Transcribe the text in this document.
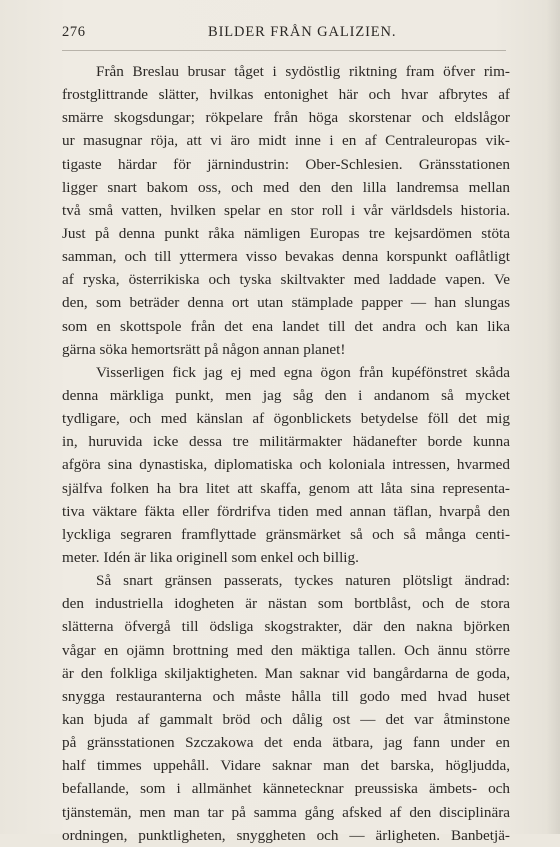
276	BILDER FRÅN GALIZIEN.
Från Breslau brusar tåget i sydöstlig riktning fram öfver rim-
frostglittrande slätter, hvilkas entonighet här och hvar afbrytes af
smärre skogsdungar; rökpelare från höga skorstenar och eldslågor
ur masugnar röja, att vi äro midt inne i en af Centraleuropas vik-
tigaste härdar för järnindustrin: Ober-Schlesien. Gränsstationen
ligger snart bakom oss, och med den den lilla landremsa mellan
två små vatten, hvilken spelar en stor roll i vår världsdels historia.
Just på denna punkt råka nämligen Europas tre kejsardömen stöta
samman, och till yttermera visso bevakas denna korspunkt oaflåtligt
af ryska, österrikiska och tyska skiltvakter med laddade vapen. Ve
den, som beträder denna ort utan stämplade papper — han slungas
som en skottspole från det ena landet till det andra och kan lika
gärna söka hemortsrätt på någon annan planet!
Visserligen fick jag ej med egna ögon från kupéfönstret skåda
denna märkliga punkt, men jag såg den i andanom så mycket
tydligare, och med känslan af ögonblickets betydelse föll det mig
in, huruvida icke dessa tre militärmakter hädanefter borde kunna
afgöra sina dynastiska, diplomatiska och koloniala intressen, hvarmed
själfva folken ha bra litet att skaffa, genom att låta sina representa-
tiva väktare fäkta eller fördrifva tiden med annan täflan, hvarpå den
lyckliga segraren framflyttade gränsmärket så och så många centi-
meter. Idén är lika originell som enkel och billig.
Så snart gränsen passerats, tyckes naturen plötsligt ändrad:
den industriella idogheten är nästan som bortblåst, och de stora
slätterna öfvergå till ödsliga skogstrakter, där den nakna björken
vågar en ojämn brottning med den mäktiga tallen. Och ännu större
är den folkliga skiljaktigheten. Man saknar vid bangårdarna de goda,
snygga restauranterna och måste hålla till godo med hvad huset
kan bjuda af gammalt bröd och dålig ost — det var åtminstone
på gränsstationen Szczakowa det enda ätbara, jag fann under en
half timmes uppehåll. Vidare saknar man det barska, högljudda,
befallande, som i allmänhet kännetecknar preussiska ämbets- och
tjänstemän, men man tar på samma gång afsked af den disciplinära
ordningen, punktligheten, snyggheten och — ärligheten. Banbetjä-
